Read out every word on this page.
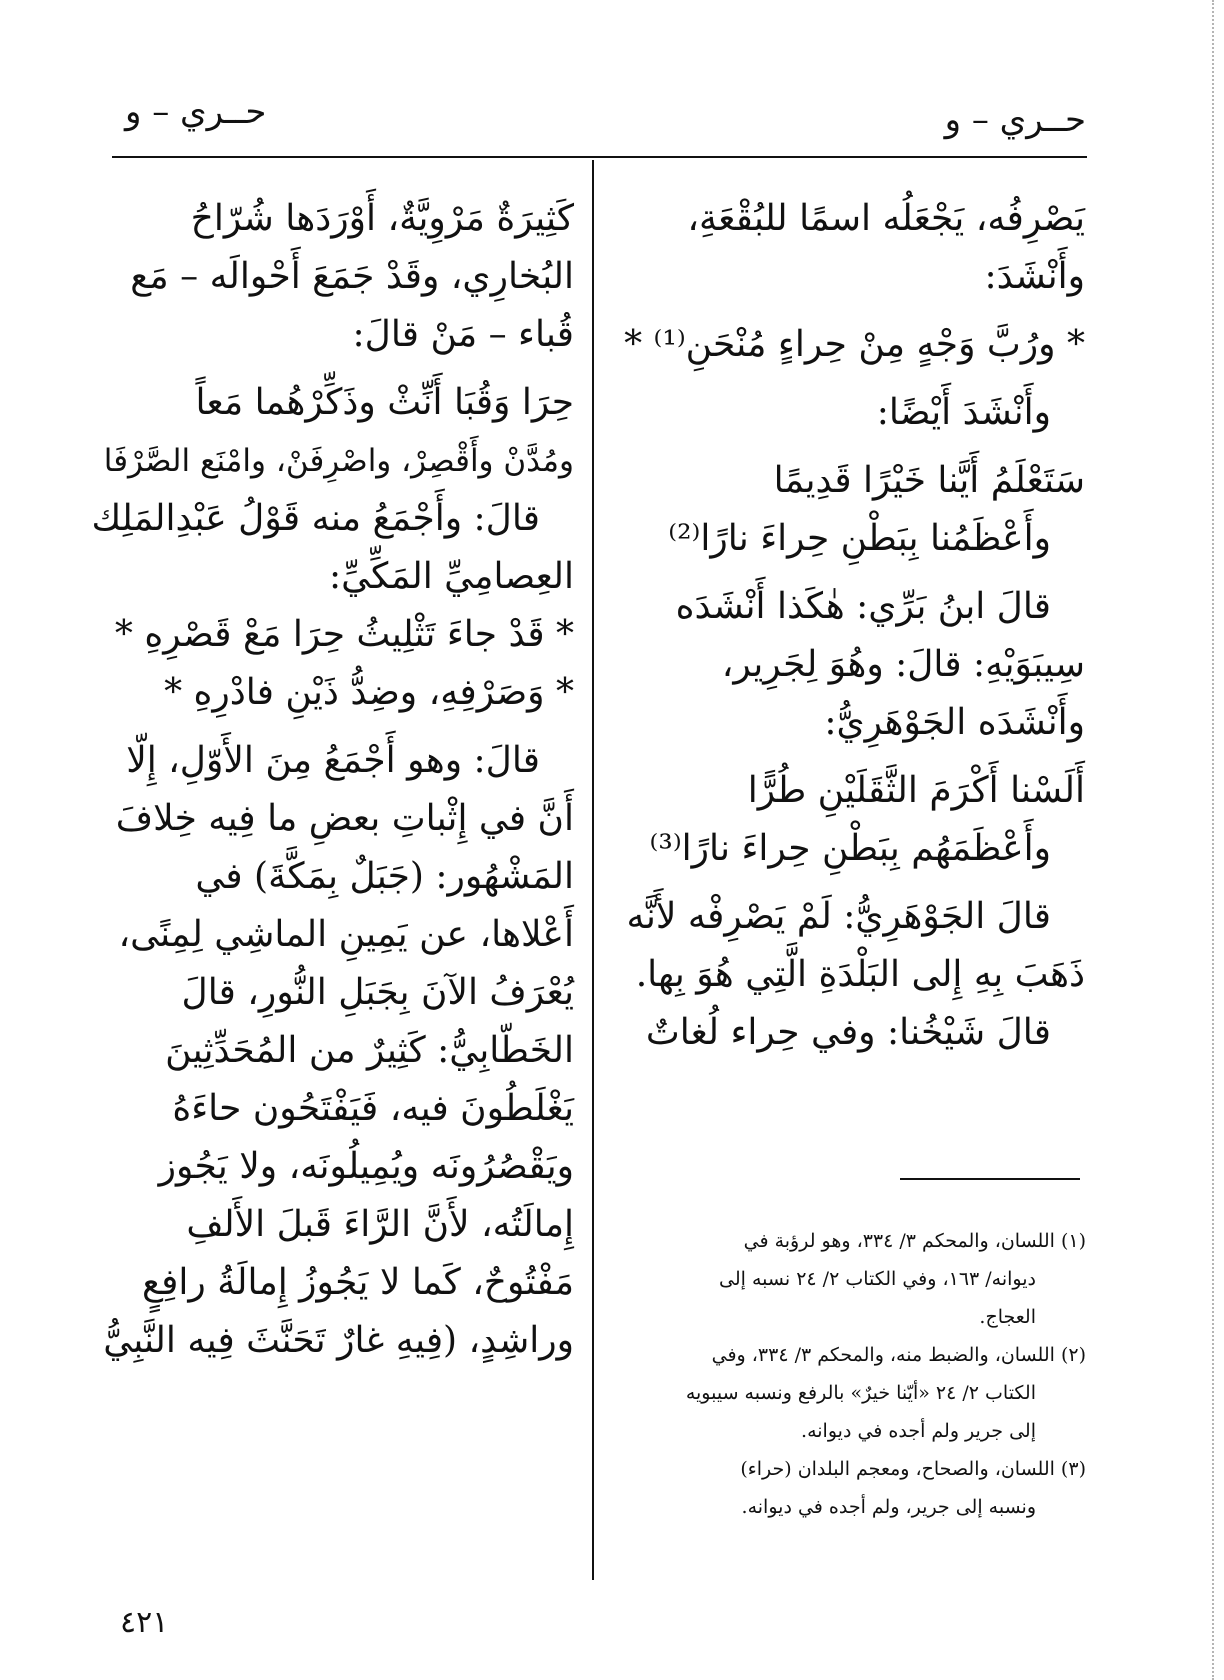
حــري – و
حــري – و
يَصْرِفُه، يَجْعَلُه اسمًا للبُقْعَةِ،
وأَنْشَدَ:
* ورُبَّ وَجْهٍ مِنْ حِراءٍ مُنْحَنِ⁽¹⁾ *
وأَنْشَدَ أَيْضًا:
سَتَعْلَمُ أَيَّنا خَيْرًا قَدِيمًا
وأَعْظَمُنا بِبَطْنِ حِراءَ نارًا⁽²⁾
قالَ ابنُ بَرِّي: هٰكَذا أَنْشَدَه
سِيبَوَيْهِ: قالَ: وهُوَ لِجَرِير،
وأَنْشَدَه الجَوْهَرِيُّ:
أَلَسْنا أَكْرَمَ الثَّقَلَيْنِ طُرًّا
وأَعْظَمَهُم بِبَطْنِ حِراءَ نارًا⁽³⁾
قالَ الجَوْهَرِيُّ: لَمْ يَصْرِفْه لأَنَّه
ذَهَبَ بِهِ إِلى البَلْدَةِ الَّتِي هُوَ بِها.
قالَ شَيْخُنا: وفي حِراء لُغاتٌ
كَثِيرَةٌ مَرْوِيَّةٌ، أَوْرَدَها شُرّاحُ
البُخارِي، وقَدْ جَمَعَ أَحْوالَه – مَع
قُباء – مَنْ قالَ:
حِرَا وَقُبَا أَنِّثْ وذَكِّرْهُما مَعاً
ومُدَّنْ وأَقْصِرْ، واصْرِفَنْ، وامْنَع الصَّرْفَا
قالَ: وأَجْمَعُ منه قَوْلُ عَبْدِالمَلِك
العِصامِيِّ المَكِّيِّ:
* قَدْ جاءَ تَثْلِيثُ حِرَا مَعْ قَصْرِهِ *
* وَصَرْفِهِ، وضِدُّ ذَيْنِ فادْرِهِ *
قالَ: وهو أَجْمَعُ مِنَ الأَوّلِ، إِلّا
أَنَّ في إِثْباتِ بعضِ ما فِيه خِلافَ
المَشْهُور: (جَبَلٌ بِمَكَّةَ) في
أَعْلاها، عن يَمِينِ الماشِي لِمِنًى،
يُعْرَفُ الآنَ بِجَبَلِ النُّورِ، قالَ
الخَطّابِيُّ: كَثِيرٌ من المُحَدِّثِينَ
يَغْلَطُونَ فيه، فَيَفْتَحُون حاءَهُ
ويَقْصُرُونَه ويُمِيلُونَه، ولا يَجُوز
إِمالَتُه، لأَنَّ الرَّاءَ قَبلَ الأَلفِ
مَفْتُوحٌ، كَما لا يَجُوزُ إِمالَةُ رافِعٍ
وراشِدٍ، (فِيهِ غارٌ تَحَنَّثَ فِيه النَّبِيُّ
(١) اللسان، والمحكم ٣/ ٣٣٤، وهو لرؤبة في
ديوانه/ ١٦٣، وفي الكتاب ٢/ ٢٤ نسبه إلى
العجاج.
(٢) اللسان، والضبط منه، والمحكم ٣/ ٣٣٤، وفي
الكتاب ٢/ ٢٤ «أيّنا خيرٌ» بالرفع ونسبه سيبويه
إلى جرير ولم أجده في ديوانه.
(٣) اللسان، والصحاح، ومعجم البلدان (حراء)
ونسبه إلى جرير، ولم أجده في ديوانه.
٤٢١
